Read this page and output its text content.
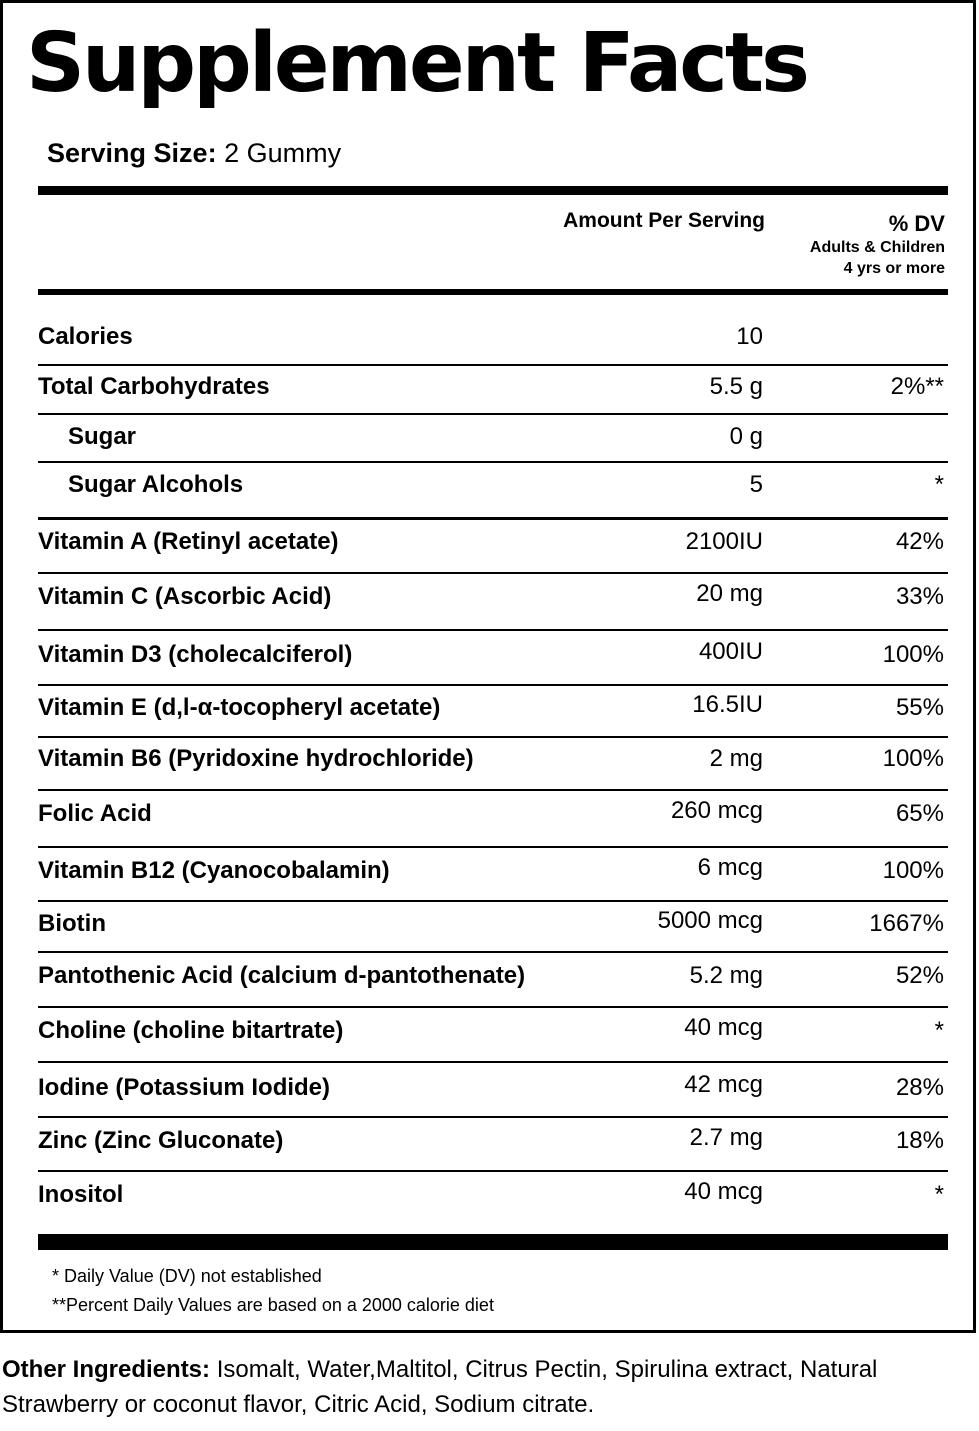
Supplement Facts
Serving Size: 2 Gummy
Amount Per Serving	% DV
Adults & Children
4 yrs or more
Calories	10
Total Carbohydrates	5.5 g	2%**
Sugar	0 g
Sugar Alcohols	5	*
Vitamin A (Retinyl acetate)	2100IU	42%
Vitamin C (Ascorbic Acid)	20 mg	33%
Vitamin D3 (cholecalciferol)	400IU	100%
Vitamin E (d,l-α-tocopheryl acetate)	16.5IU	55%
Vitamin B6 (Pyridoxine hydrochloride)	2 mg	100%
Folic Acid	260 mcg	65%
Vitamin B12 (Cyanocobalamin)	6 mcg	100%
Biotin	5000 mcg	1667%
Pantothenic Acid (calcium d-pantothenate)	5.2 mg	52%
Choline (choline bitartrate)	40 mcg	*
Iodine (Potassium Iodide)	42 mcg	28%
Zinc (Zinc Gluconate)	2.7 mg	18%
Inositol	40 mcg	*
* Daily Value (DV) not established
**Percent Daily Values are based on a 2000 calorie diet
Other Ingredients: Isomalt, Water,Maltitol, Citrus Pectin, Spirulina extract, Natural Strawberry or coconut flavor, Citric Acid, Sodium citrate.
